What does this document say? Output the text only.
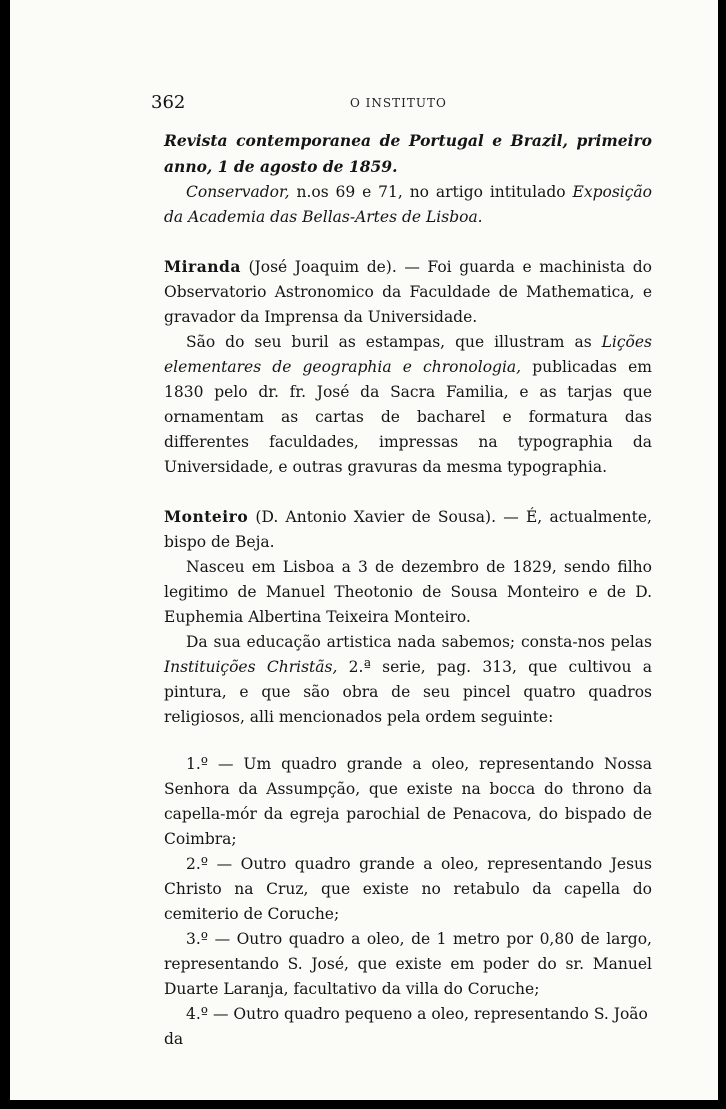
362	O INSTITUTO

Revista contemporanea de Portugal e Brazil, primeiro anno, 1 de agosto de 1859.

Conservador, n.os 69 e 71, no artigo intitulado Exposição da Academia das Bellas-Artes de Lisboa.

Miranda (José Joaquim de). — Foi guarda e machinista do Observatorio Astronomico da Faculdade de Mathematica, e gravador da Imprensa da Universidade.

São do seu buril as estampas, que illustram as Lições elementares de geographia e chronologia, publicadas em 1830 pelo dr. fr. José da Sacra Familia, e as tarjas que ornamentam as cartas de bacharel e formatura das differentes faculdades, impressas na typographia da Universidade, e outras gravuras da mesma typographia.

Monteiro (D. Antonio Xavier de Sousa). — É, actualmente, bispo de Beja.

Nasceu em Lisboa a 3 de dezembro de 1829, sendo filho legitimo de Manuel Theotonio de Sousa Monteiro e de D. Euphemia Albertina Teixeira Monteiro.

Da sua educação artistica nada sabemos; consta-nos pelas Instituições Christãs, 2.ª serie, pag. 313, que cultivou a pintura, e que são obra de seu pincel quatro quadros religiosos, alli mencionados pela ordem seguinte:

1.º — Um quadro grande a oleo, representando Nossa Senhora da Assumpção, que existe na bocca do throno da capella-mór da egreja parochial de Penacova, do bispado de Coimbra;

2.º — Outro quadro grande a oleo, representando Jesus Christo na Cruz, que existe no retabulo da capella do cemiterio de Coruche;

3.º — Outro quadro a oleo, de 1 metro por 0,80 de largo, representando S. José, que existe em poder do sr. Manuel Duarte Laranja, facultativo da villa do Coruche;

4.º — Outro quadro pequeno a oleo, representando S. João da
